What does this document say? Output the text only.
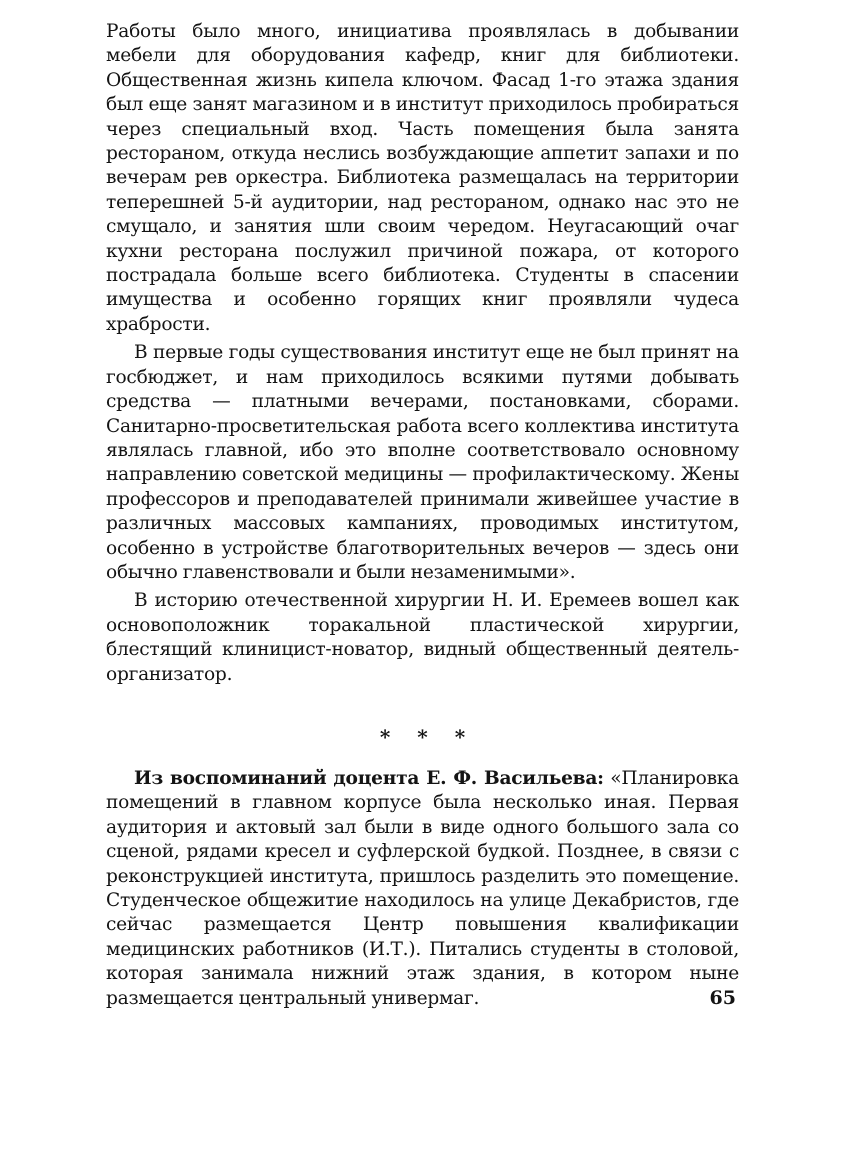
Работы было много, инициатива проявлялась в добывании мебели для оборудования кафедр, книг для библиотеки. Общественная жизнь кипела ключом. Фасад 1-го этажа здания был еще занят магазином и в институт приходилось пробираться через специальный вход. Часть помещения была занята рестораном, откуда неслись возбуждающие аппетит запахи и по вечерам рев оркестра. Библиотека размещалась на территории теперешней 5-й аудитории, над рестораном, однако нас это не смущало, и занятия шли своим чередом. Неугасающий очаг кухни ресторана послужил причиной пожара, от которого пострадала больше всего библиотека. Студенты в спасении имущества и особенно горящих книг проявляли чудеса храбрости.

В первые годы существования институт еще не был принят на госбюджет, и нам приходилось всякими путями добывать средства — платными вечерами, постановками, сборами. Санитарно-просветительская работа всего коллектива института являлась главной, ибо это вполне соответствовало основному направлению советской медицины — профилактическому. Жены профессоров и преподавателей принимали живейшее участие в различных массовых кампаниях, проводимых институтом, особенно в устройстве благотворительных вечеров — здесь они обычно главенствовали и были незаменимыми».

В историю отечественной хирургии Н. И. Еремеев вошел как основоположник торакальной пластической хирургии, блестящий клиницист-новатор, видный общественный деятель-организатор.

* * *

Из воспоминаний доцента Е. Ф. Васильева: «Планировка помещений в главном корпусе была несколько иная. Первая аудитория и актовый зал были в виде одного большого зала со сценой, рядами кресел и суфлерской будкой. Позднее, в связи с реконструкцией института, пришлось разделить это помещение. Студенческое общежитие находилось на улице Декабристов, где сейчас размещается Центр повышения квалификации медицинских работников (И.Т.). Питались студенты в столовой, которая занимала нижний этаж здания, в котором ныне размещается центральный универмаг.	65
